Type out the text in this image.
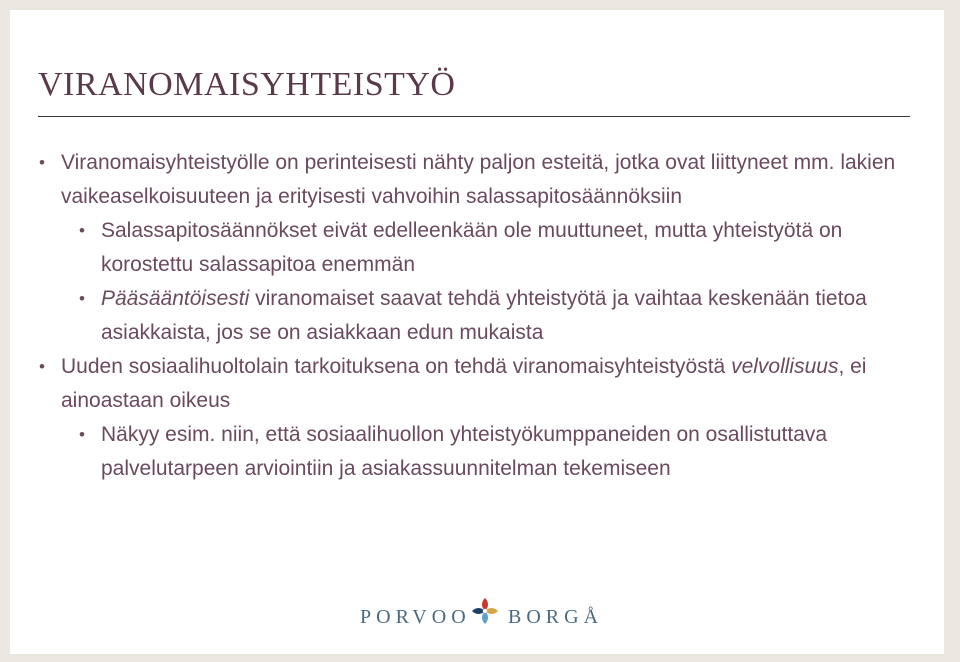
VIRANOMAISYHTEISTYÖ
• Viranomaisyhteistyölle on perinteisesti nähty paljon esteitä, jotka ovat liittyneet mm. lakien vaikeaselkoisuuteen ja erityisesti vahvoihin salassapitosäännöksiin
• Salassapitosäännökset eivät edelleenkään ole muuttuneet, mutta yhteistyötä on korostettu salassapitoa enemmän
• Pääsääntöisesti viranomaiset saavat tehdä yhteistyötä ja vaihtaa keskenään tietoa asiakkaista, jos se on asiakkaan edun mukaista
• Uuden sosiaalihuoltolain tarkoituksena on tehdä viranomaisyhteistyöstä velvollisuus, ei ainoastaan oikeus
• Näkyy esim. niin, että sosiaalihuollon yhteistyökumppaneiden on osallistuttava palvelutarpeen arviointiin ja asiakassuunnitelman tekemiseen
PORVOO BORGÅ
